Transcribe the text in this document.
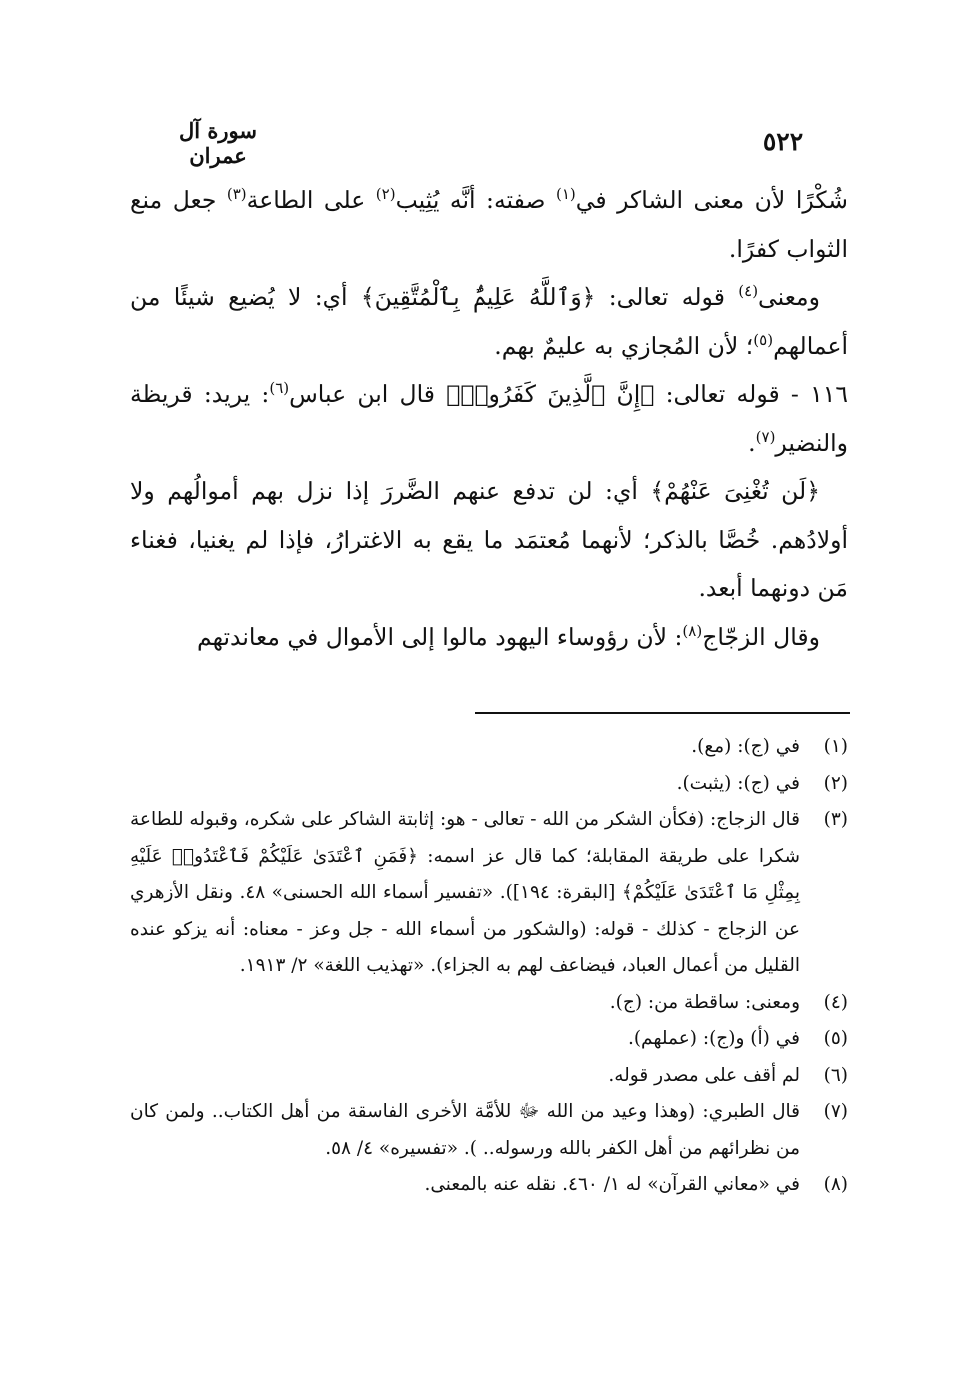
سورة آل عمران	٥٢٢

شُكْرًا لأن معنى الشاكر في$^{(١)}$ صفته: أنَّه يُثِيب$^{(٢)}$ على الطاعة$^{(٣)}$ جعل منع الثواب كفرًا.

ومعنى$^{(٤)}$ قوله تعالى: ﴿وَٱللَّهُ عَلِيمٌۢ بِٱلْمُتَّقِينَ﴾ أي: لا يُضيع شيئًا من أعمالهم$^{(٥)}$؛ لأن المُجازي به عليمٌ بهم.

١١٦ - قوله تعالى: ﴿إِنَّ ٱلَّذِينَ كَفَرُوا۟﴾ قال ابن عباس$^{(٦)}$: يريد: قريظة والنضير$^{(٧)}$.

﴿لَن تُغْنِىَ عَنْهُمْ﴾ أي: لن تدفع عنهم الضَّررَ إذا نزل بهم أموالُهم ولا أولادُهم. خُصَّا بالذكر؛ لأنهما مُعتمَد ما يقع به الاغترارُ، فإذا لم يغنيا، فغناء مَن دونهما أبعد.

وقال الزجّاج$^{(٨)}$: لأن رؤوساء اليهود مالوا إلى الأموال في معاندتهم

(١)
في (ج): (مع).
(٢)
في (ج): (يثبت).
(٣)
قال الزجاج: (فكأن الشكر من الله - تعالى - هو: إثابتة الشاكر على شكره، وقبوله للطاعة شكرا على طريقة المقابلة؛ كما قال عز اسمه: ﴿فَمَنِ ٱعْتَدَىٰ عَلَيْكُمْ فَٱعْتَدُوا۟ عَلَيْهِ بِمِثْلِ مَا ٱعْتَدَىٰ عَلَيْكُمْ﴾ [البقرة: ١٩٤]). «تفسير أسماء الله الحسنى» ٤٨. ونقل الأزهري عن الزجاج - كذلك - قوله: (والشكور من أسماء الله - جل وعز - معناه: أنه يزكو عنده القليل من أعمال العباد، فيضاعف لهم به الجزاء). «تهذيب اللغة» ٢/ ١٩١٣.
(٤)
ومعنى: ساقطة من: (ج).
(٥)
في (أ) و(ج): (عملهم).
(٦)
لم أقف على مصدر قوله.
(٧)
قال الطبري: (وهذا وعيد من الله ﷻ للأمَّة الأخرى الفاسقة من أهل الكتاب.. ولمن كان من نظرائهم من أهل الكفر بالله ورسوله.. ). «تفسيره» ٤/ ٥٨.
(٨)
في «معاني القرآن» له ١/ ٤٦٠. نقله عنه بالمعنى.
